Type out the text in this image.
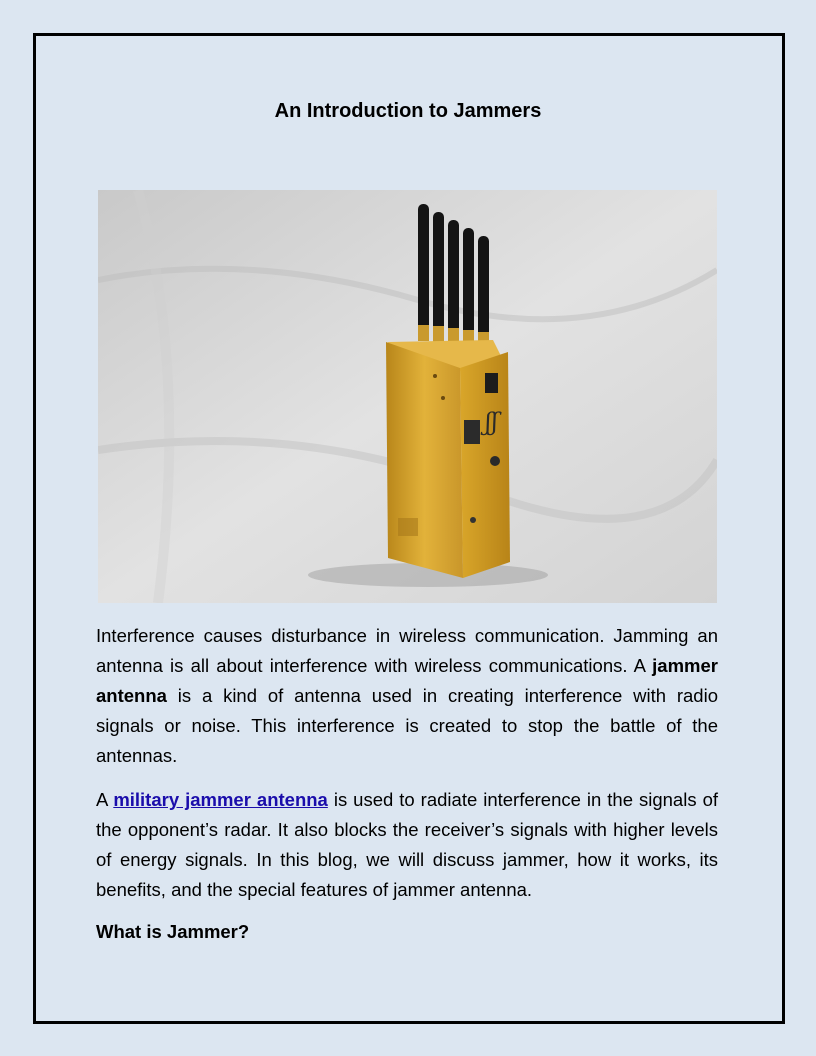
An Introduction to Jammers
ʃʃ

Interference causes disturbance in wireless communication. Jamming an antenna is all about interference with wireless communications. A jammer antenna is a kind of antenna used in creating interference with radio signals or noise. This interference is created to stop the battle of the antennas.

A military jammer antenna is used to radiate interference in the signals of the opponent’s radar. It also blocks the receiver’s signals with higher levels of energy signals. In this blog, we will discuss jammer, how it works, its benefits, and the special features of jammer antenna.

What is Jammer?
